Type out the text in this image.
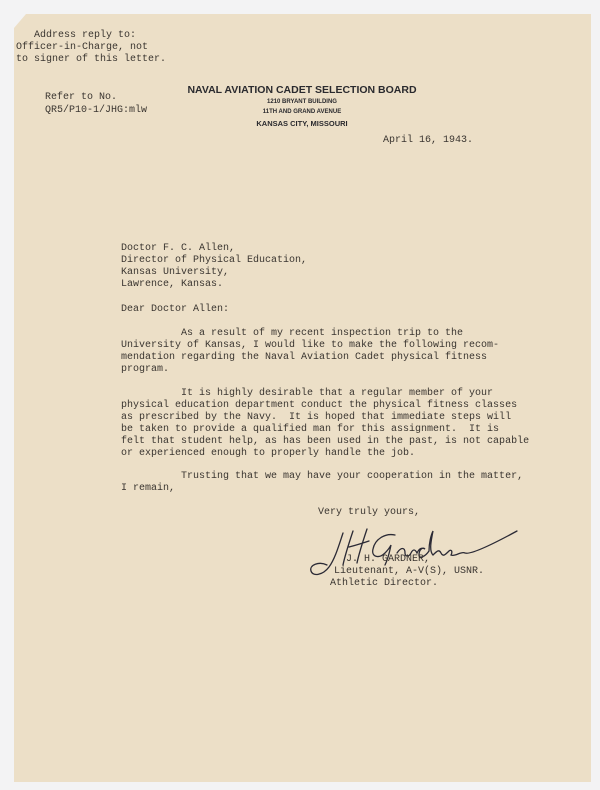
Address reply to:
Officer-in-Charge, not
to signer of this letter.
Refer to No.
QR5/P10-1/JHG:mlw
NAVAL AVIATION CADET SELECTION BOARD
1210 BRYANT BUILDING
11TH AND GRAND AVENUE
KANSAS CITY, MISSOURI
April 16, 1943.
Doctor F. C. Allen,
Director of Physical Education,
Kansas University,
Lawrence, Kansas.
Dear Doctor Allen:
As a result of my recent inspection trip to the
University of Kansas, I would like to make the following recom-
mendation regarding the Naval Aviation Cadet physical fitness
program.
It is highly desirable that a regular member of your
physical education department conduct the physical fitness classes
as prescribed by the Navy.  It is hoped that immediate steps will
be taken to provide a qualified man for this assignment.  It is
felt that student help, as has been used in the past, is not capable
or experienced enough to properly handle the job.
Trusting that we may have your cooperation in the matter,
I remain,
Very truly yours,
J. H. GARDNER,
Lieutenant, A-V(S), USNR.
Athletic Director.
